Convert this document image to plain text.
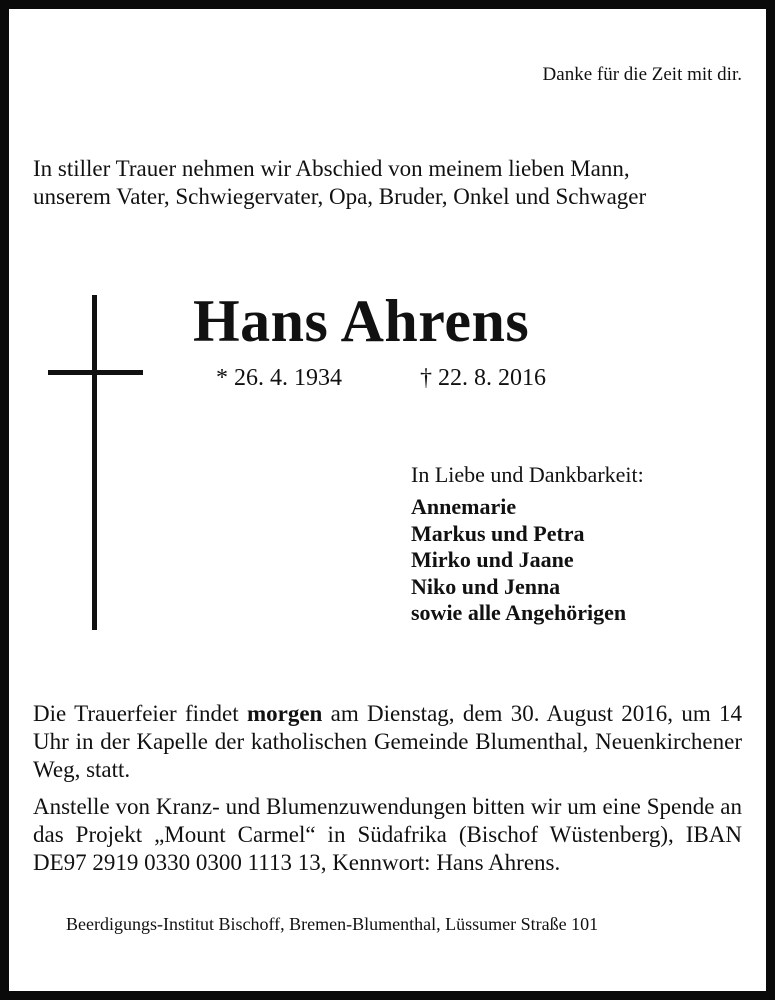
Danke für die Zeit mit dir.
In stiller Trauer nehmen wir Abschied von meinem lieben Mann,
unserem Vater, Schwiegervater, Opa, Bruder, Onkel und Schwager
Hans Ahrens
* 26. 4. 1934	† 22. 8. 2016
In Liebe und Dankbarkeit:
Annemarie
Markus und Petra
Mirko und Jaane
Niko und Jenna
sowie alle Angehörigen
Die Trauerfeier findet morgen am Dienstag, dem 30. August 2016, um 14 Uhr in der Kapelle der katholischen Gemeinde Blumenthal, Neuenkirchener Weg, statt.
Anstelle von Kranz- und Blumenzuwendungen bitten wir um eine Spende an das Projekt „Mount Carmel“ in Südafrika (Bischof Wüstenberg), IBAN DE97 2919 0330 0300 1113 13, Kennwort: Hans Ahrens.
Beerdigungs-Institut Bischoff, Bremen-Blumenthal, Lüssumer Straße 101
